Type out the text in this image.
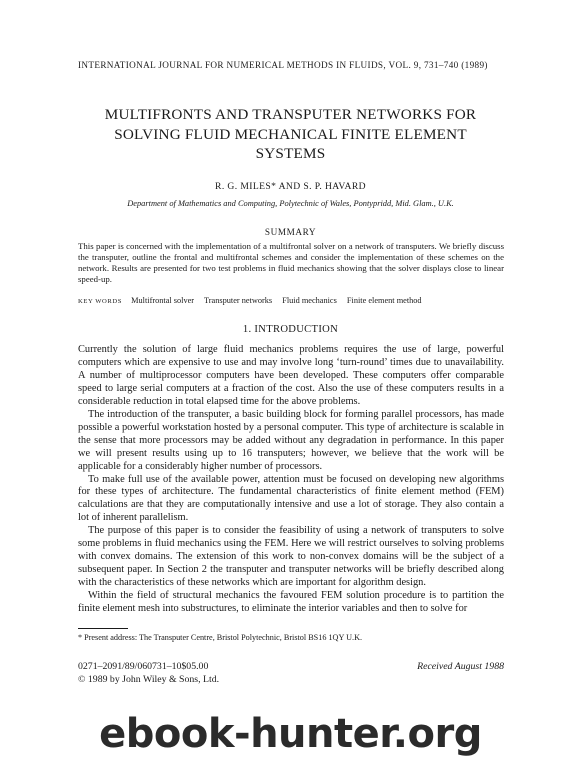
INTERNATIONAL JOURNAL FOR NUMERICAL METHODS IN FLUIDS, VOL. 9, 731–740 (1989)
MULTIFRONTS AND TRANSPUTER NETWORKS FOR
SOLVING FLUID MECHANICAL FINITE ELEMENT
SYSTEMS
R. G. MILES* AND S. P. HAVARD
Department of Mathematics and Computing, Polytechnic of Wales, Pontypridd, Mid. Glam., U.K.
SUMMARY
This paper is concerned with the implementation of a multifrontal solver on a network of transputers. We briefly discuss the transputer, outline the frontal and multifrontal schemes and consider the implementation of these schemes on the network. Results are presented for two test problems in fluid mechanics showing that the solver displays close to linear speed-up.
KEY WORDS Multifrontal solver Transputer networks Fluid mechanics Finite element method
1. INTRODUCTION

Currently the solution of large fluid mechanics problems requires the use of large, powerful computers which are expensive to use and may involve long ‘turn-round’ times due to unavailability. A number of multiprocessor computers have been developed. These computers offer comparable speed to large serial computers at a fraction of the cost. Also the use of these computers results in a considerable reduction in total elapsed time for the above problems.

The introduction of the transputer, a basic building block for forming parallel processors, has made possible a powerful workstation hosted by a personal computer. This type of architecture is scalable in the sense that more processors may be added without any degradation in performance. In this paper we will present results using up to 16 transputers; however, we believe that the work will be applicable for a considerably higher number of processors.

To make full use of the available power, attention must be focused on developing new algorithms for these types of architecture. The fundamental characteristics of finite element method (FEM) calculations are that they are computationally intensive and use a lot of storage. They also contain a lot of inherent parallelism.

The purpose of this paper is to consider the feasibility of using a network of transputers to solve some problems in fluid mechanics using the FEM. Here we will restrict ourselves to solving problems with convex domains. The extension of this work to non-convex domains will be the subject of a subsequent paper. In Section 2 the transputer and transputer networks will be briefly described along with the characteristics of these networks which are important for algorithm design.

Within the field of structural mechanics the favoured FEM solution procedure is to partition the finite element mesh into substructures, to eliminate the interior variables and then to solve for

* Present address: The Transputer Centre, Bristol Polytechnic, Bristol BS16 1QY U.K.
0271–2091/89/060731–10$05.00
© 1989 by John Wiley & Sons, Ltd.
Received August 1988
ebook-hunter.org
